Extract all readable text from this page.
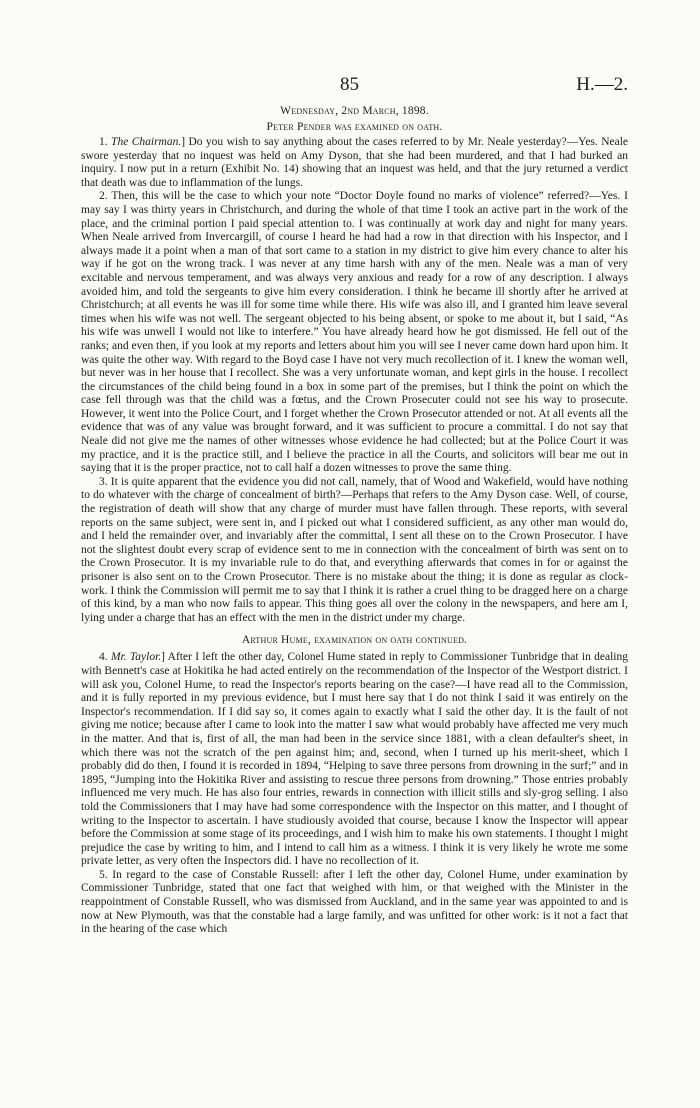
85	H.—2.

Wednesday, 2nd March, 1898.

Peter Pender was examined on oath.

1. The Chairman.] Do you wish to say anything about the cases referred to by Mr. Neale yesterday?—Yes. Neale swore yesterday that no inquest was held on Amy Dyson, that she had been murdered, and that I had burked an inquiry. I now put in a return (Exhibit No. 14) showing that an inquest was held, and that the jury returned a verdict that death was due to inflammation of the lungs.

2. Then, this will be the case to which your note “Doctor Doyle found no marks of violence” referred?—Yes. I may say I was thirty years in Christchurch, and during the whole of that time I took an active part in the work of the place, and the criminal portion I paid special attention to. I was continually at work day and night for many years. When Neale arrived from Invercargill, of course I heard he had had a row in that direction with his Inspector, and I always made it a point when a man of that sort came to a station in my district to give him every chance to alter his way if he got on the wrong track. I was never at any time harsh with any of the men. Neale was a man of very excitable and nervous temperament, and was always very anxious and ready for a row of any description. I always avoided him, and told the sergeants to give him every consideration. I think he became ill shortly after he arrived at Christchurch; at all events he was ill for some time while there. His wife was also ill, and I granted him leave several times when his wife was not well. The sergeant objected to his being absent, or spoke to me about it, but I said, “As his wife was unwell I would not like to interfere.” You have already heard how he got dismissed. He fell out of the ranks; and even then, if you look at my reports and letters about him you will see I never came down hard upon him. It was quite the other way. With regard to the Boyd case I have not very much recollection of it. I knew the woman well, but never was in her house that I recollect. She was a very unfortunate woman, and kept girls in the house. I recollect the circumstances of the child being found in a box in some part of the premises, but I think the point on which the case fell through was that the child was a fœtus, and the Crown Prosecuter could not see his way to prosecute. However, it went into the Police Court, and I forget whether the Crown Prosecutor attended or not. At all events all the evidence that was of any value was brought forward, and it was sufficient to procure a committal. I do not say that Neale did not give me the names of other witnesses whose evidence he had collected; but at the Police Court it was my practice, and it is the practice still, and I believe the practice in all the Courts, and solicitors will bear me out in saying that it is the proper practice, not to call half a dozen witnesses to prove the same thing.

3. It is quite apparent that the evidence you did not call, namely, that of Wood and Wakefield, would have nothing to do whatever with the charge of concealment of birth?—Perhaps that refers to the Amy Dyson case. Well, of course, the registration of death will show that any charge of murder must have fallen through. These reports, with several reports on the same subject, were sent in, and I picked out what I considered sufficient, as any other man would do, and I held the remainder over, and invariably after the committal, I sent all these on to the Crown Prosecutor. I have not the slightest doubt every scrap of evidence sent to me in connection with the concealment of birth was sent on to the Crown Prosecutor. It is my invariable rule to do that, and everything afterwards that comes in for or against the prisoner is also sent on to the Crown Prosecutor. There is no mistake about the thing; it is done as regular as clock-work. I think the Commission will permit me to say that I think it is rather a cruel thing to be dragged here on a charge of this kind, by a man who now fails to appear. This thing goes all over the colony in the newspapers, and here am I, lying under a charge that has an effect with the men in the district under my charge.

Arthur Hume, examination on oath continued.

4. Mr. Taylor.] After I left the other day, Colonel Hume stated in reply to Commissioner Tunbridge that in dealing with Bennett's case at Hokitika he had acted entirely on the recommendation of the Inspector of the Westport district. I will ask you, Colonel Hume, to read the Inspector's reports bearing on the case?—I have read all to the Commission, and it is fully reported in my previous evidence, but I must here say that I do not think I said it was entirely on the Inspector's recommendation. If I did say so, it comes again to exactly what I said the other day. It is the fault of not giving me notice; because after I came to look into the matter I saw what would probably have affected me very much in the matter. And that is, first of all, the man had been in the service since 1881, with a clean defaulter's sheet, in which there was not the scratch of the pen against him; and, second, when I turned up his merit-sheet, which I probably did do then, I found it is recorded in 1894, “Helping to save three persons from drowning in the surf;” and in 1895, “Jumping into the Hokitika River and assisting to rescue three persons from drowning.” Those entries probably influenced me very much. He has also four entries, rewards in connection with illicit stills and sly-grog selling. I also told the Commissioners that I may have had some correspondence with the Inspector on this matter, and I thought of writing to the Inspector to ascertain. I have studiously avoided that course, because I know the Inspector will appear before the Commission at some stage of its proceedings, and I wish him to make his own statements. I thought I might prejudice the case by writing to him, and I intend to call him as a witness. I think it is very likely he wrote me some private letter, as very often the Inspectors did. I have no recollection of it.

5. In regard to the case of Constable Russell: after I left the other day, Colonel Hume, under examination by Commissioner Tunbridge, stated that one fact that weighed with him, or that weighed with the Minister in the reappointment of Constable Russell, who was dismissed from Auckland, and in the same year was appointed to and is now at New Plymouth, was that the constable had a large family, and was unfitted for other work: is it not a fact that in the hearing of the case which
